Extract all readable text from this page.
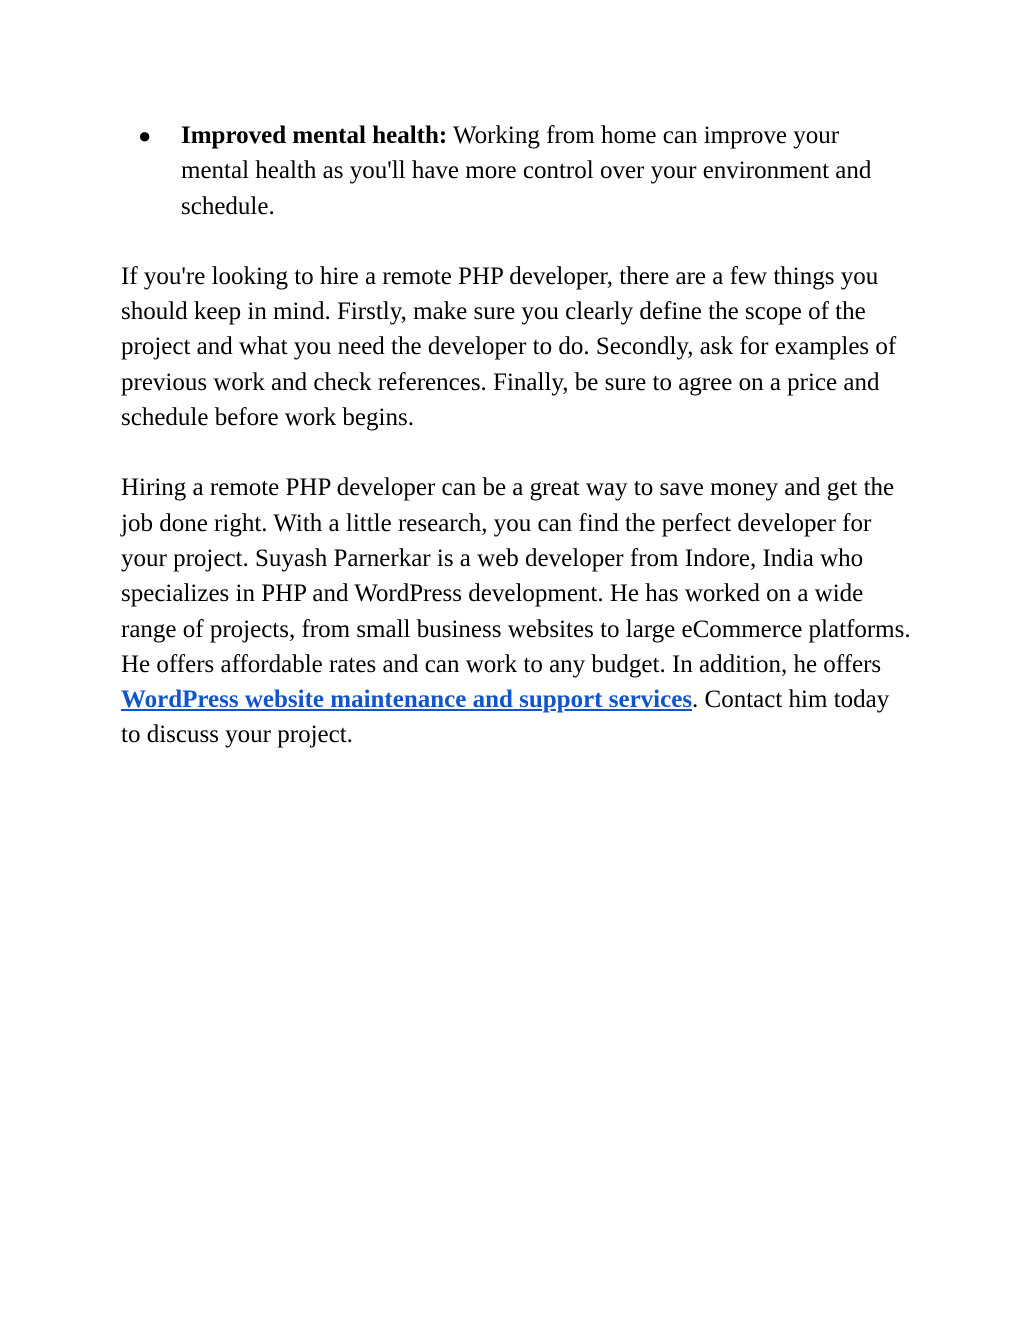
● Improved mental health: Working from home can improve your mental health as you'll have more control over your environment and schedule.

If you're looking to hire a remote PHP developer, there are a few things you should keep in mind. Firstly, make sure you clearly define the scope of the project and what you need the developer to do. Secondly, ask for examples of previous work and check references. Finally, be sure to agree on a price and schedule before work begins.

Hiring a remote PHP developer can be a great way to save money and get the job done right. With a little research, you can find the perfect developer for your project. Suyash Parnerkar is a web developer from Indore, India who specializes in PHP and WordPress development. He has worked on a wide range of projects, from small business websites to large eCommerce platforms. He offers affordable rates and can work to any budget. In addition, he offers WordPress website maintenance and support services. Contact him today to discuss your project.
